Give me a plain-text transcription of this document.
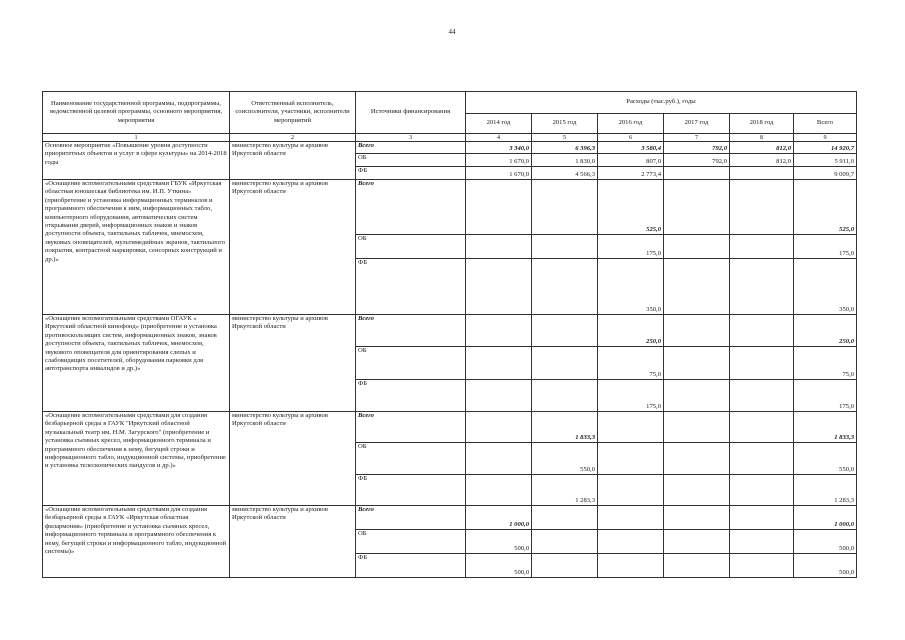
44
Наименование государственной программы, подпрограммы, ведомственной целевой программы, основного мероприятия, мероприятия	Ответственный исполнитель, соисполнители, участники, исполнители мероприятий	Источники финансирования	Расходы (тыс.руб.), годы					
			2014 год	2015 год	2016 год	2017 год	2018 год	Всего
1	2	3	4	5	6	7	8	9
Основное мероприятие «Повышение уровня доступности приоритетных объектов и услуг в сфере культуры» на 2014-2018 годы	министерство культуры и архивов Иркутской области	Всего	3 340,0	6 396,3	3 580,4	792,0	812,0	14 920,7
		ОБ	1 670,0	1 830,0	807,0	792,0	812,0	5 911,0
		ФБ	1 670,0	4 566,3	2 773,4			9 009,7
«Оснащение вспомогательными средствами ГБУК «Иркутская областная юношеская библиотека им. И.П. Уткина» (приобретение и установка информационных терминалов и программного обеспечения к ним, информационных табло, компьютерного оборудования, автоматических систем открывания дверей, информационных знаков и знаков доступности объекта, тактильных табличек, мнемосхем, звуковых оповещателей, мультимедийных экранов, тактильного покрытия, контрастной маркировки, сенсорных конструкций и др.)»	министерство культуры и архивов Иркутской области	Всего			525,0			525,0
		ОБ			175,0			175,0
		ФБ			350,0			350,0
«Оснащение вспомогательными средствами ОГАУК « Иркутский областной кинофонд» (приобретение и установка противоскользящих систем, информационных знаков, знаков доступности объекта, тактильных табличек, мнемосхем, звукового оповещателя для ориентирования слепых и слабовидящих посетителей, оборудования парковки для автотранспорта инвалидов и др.)»	министерство культуры и архивов Иркутской области	Всего			250,0			250,0
		ОБ			75,0			75,0
		ФБ			175,0			175,0
«Оснащение вспомогательными средствами для создания безбарьерной среды в ГАУК "Иркутский областной музыкальный театр им. Н.М. Загурского" (приобретение и установка съемных кресел, информационного терминала и программного обеспечения к нему, бегущей строки и информационного табло, индукционной системы, приобретение и установка телескопических пандусов и др.)»	министерство культуры и архивов Иркутской области	Всего		1 833,3				1 833,3
		ОБ		550,0				550,0
		ФБ		1 283,3				1 283,3
«Оснащение вспомогательными средствами для создания безбарьерной среды в ГАУК «Иркутская областная филармония» (приобретение и установка съемных кресел, информационного терминала и программного обеспечения к нему, бегущей строки и информационного табло, индукционной системы)»	министерство культуры и архивов Иркутской области	Всего	1 000,0					1 000,0
		ОБ	500,0					500,0
		ФБ	500,0					500,0
